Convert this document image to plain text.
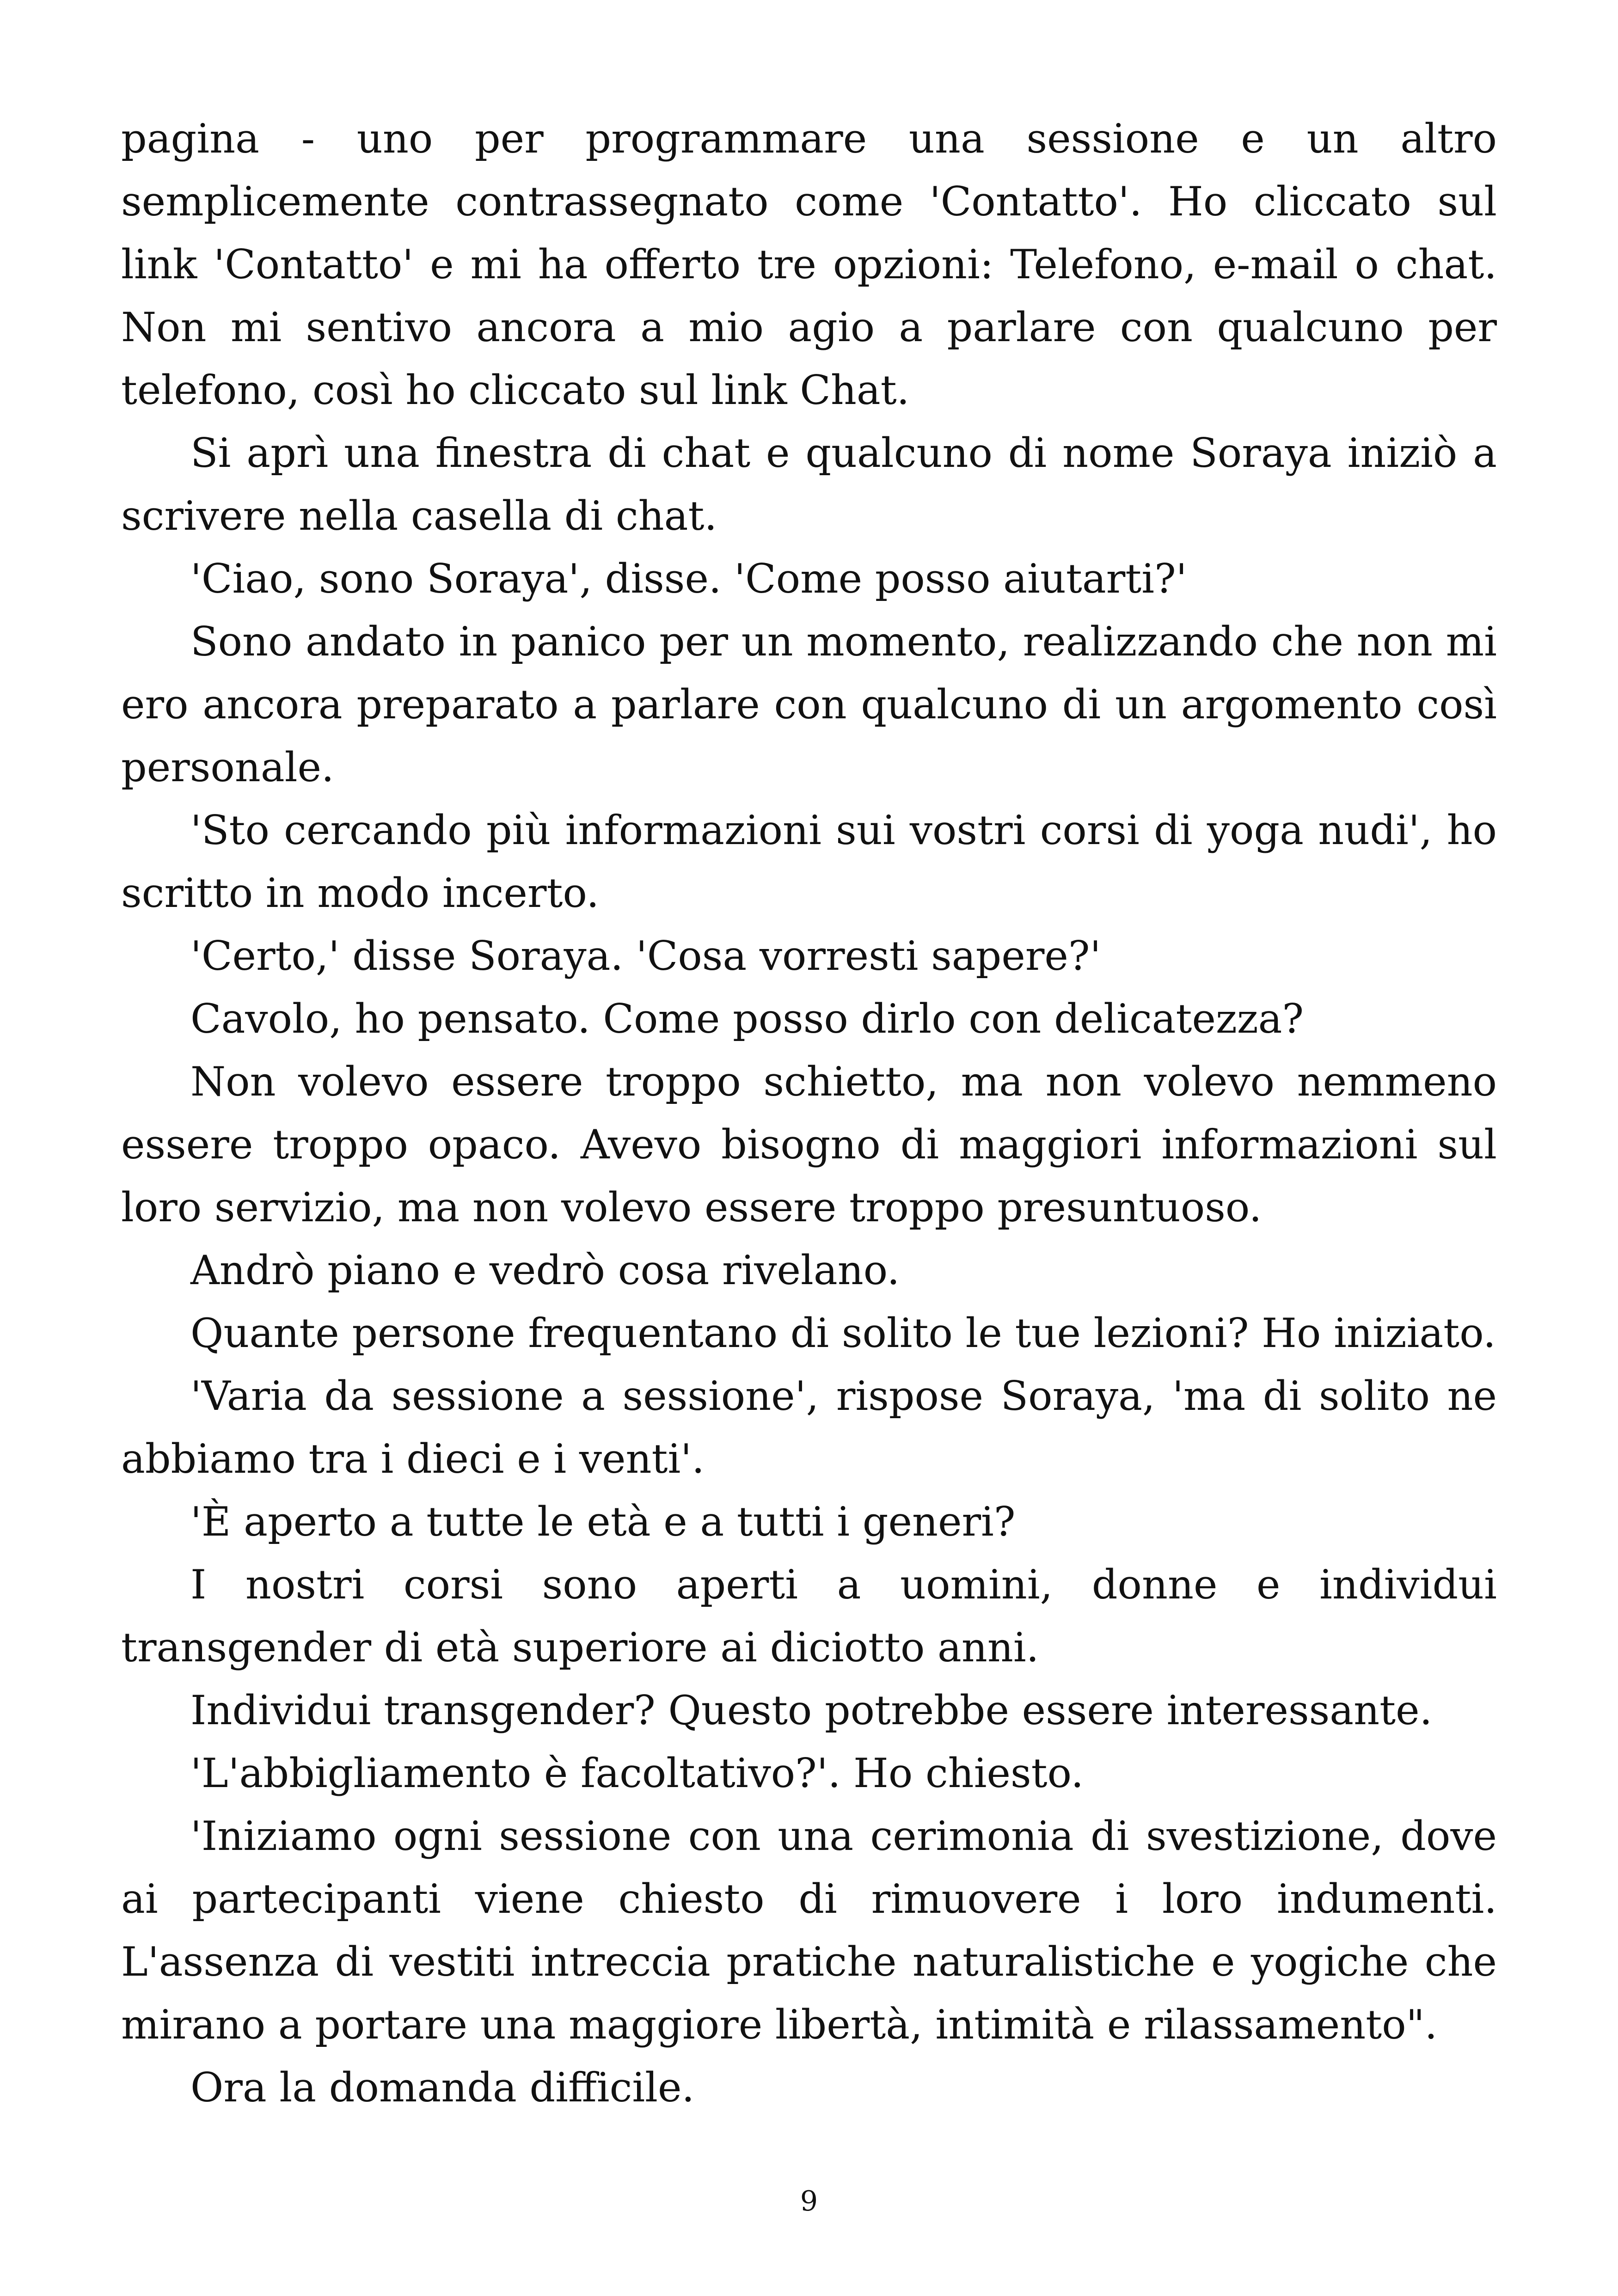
pagina - uno per programmare una sessione e un altro semplicemente contrassegnato come 'Contatto'. Ho cliccato sul link 'Contatto' e mi ha offerto tre opzioni: Telefono, e-mail o chat. Non mi sentivo ancora a mio agio a parlare con qualcuno per telefono, così ho cliccato sul link Chat.

Si aprì una finestra di chat e qualcuno di nome Soraya iniziò a scrivere nella casella di chat.

'Ciao, sono Soraya', disse. 'Come posso aiutarti?'

Sono andato in panico per un momento, realizzando che non mi ero ancora preparato a parlare con qualcuno di un argomento così personale.

'Sto cercando più informazioni sui vostri corsi di yoga nudi', ho scritto in modo incerto.

'Certo,' disse Soraya. 'Cosa vorresti sapere?'

Cavolo, ho pensato. Come posso dirlo con delicatezza?

Non volevo essere troppo schietto, ma non volevo nemmeno essere troppo opaco. Avevo bisogno di maggiori informazioni sul loro servizio, ma non volevo essere troppo presuntuoso.

Andrò piano e vedrò cosa rivelano.

Quante persone frequentano di solito le tue lezioni? Ho iniziato.

'Varia da sessione a sessione', rispose Soraya, 'ma di solito ne abbiamo tra i dieci e i venti'.

'È aperto a tutte le età e a tutti i generi?

I nostri corsi sono aperti a uomini, donne e individui transgender di età superiore ai diciotto anni.

Individui transgender? Questo potrebbe essere interessante.

'L'abbigliamento è facoltativo?'. Ho chiesto.

'Iniziamo ogni sessione con una cerimonia di svestizione, dove ai partecipanti viene chiesto di rimuovere i loro indumenti. L'assenza di vestiti intreccia pratiche naturalistiche e yogiche che mirano a portare una maggiore libertà, intimità e rilassamento".

Ora la domanda difficile.

9
